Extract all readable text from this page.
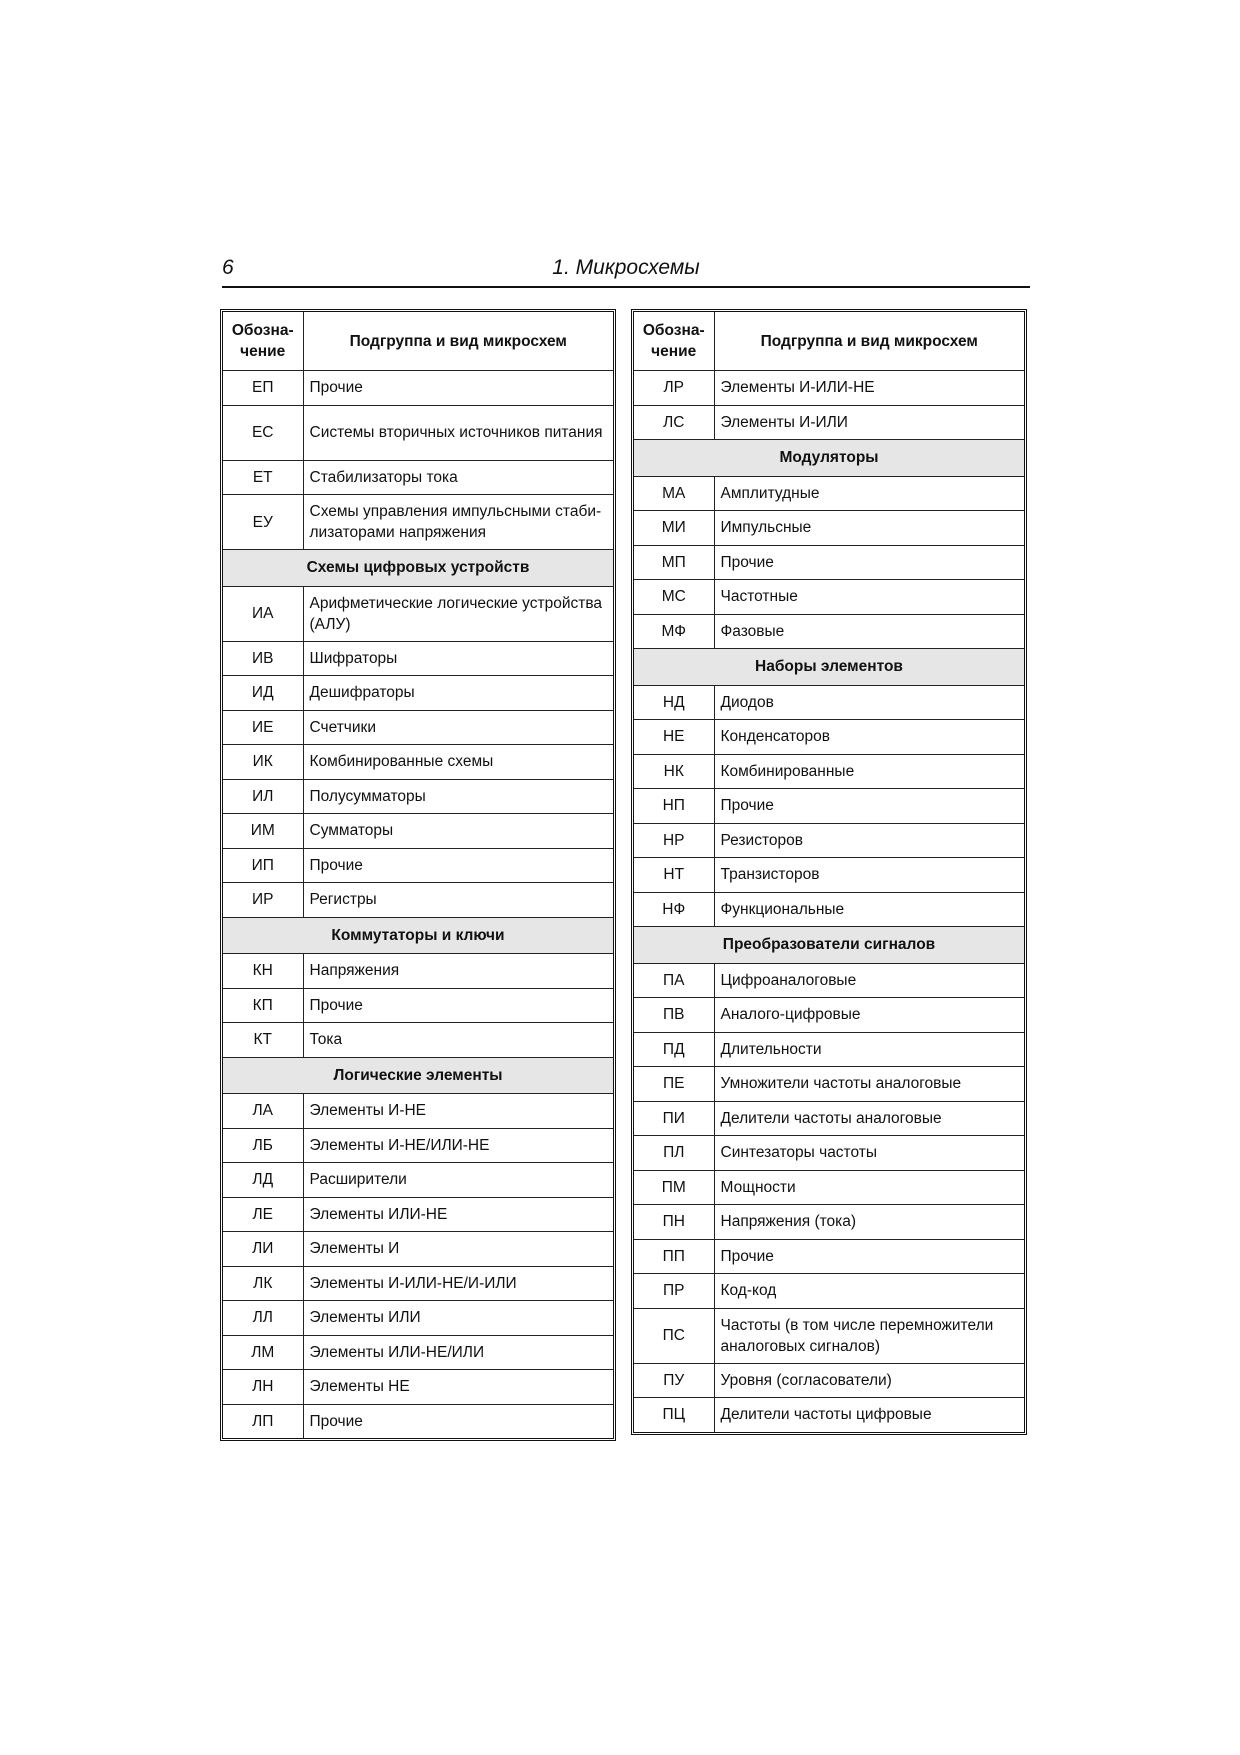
6	1. Микросхемы
Обозна-
чение	Подгруппа и вид микросхем
ЕП	Прочие
ЕС	Системы вторичных источников питания
ЕТ	Стабилизаторы тока
ЕУ	Схемы управления импульсными стаби-лизаторами напряжения
Схемы цифровых устройств	
ИА	Арифметические логические устройства (АЛУ)
ИВ	Шифраторы
ИД	Дешифраторы
ИЕ	Счетчики
ИК	Комбинированные схемы
ИЛ	Полусумматоры
ИМ	Сумматоры
ИП	Прочие
ИР	Регистры
Коммутаторы и ключи	
КН	Напряжения
КП	Прочие
КТ	Тока
Логические элементы	
ЛА	Элементы И-НЕ
ЛБ	Элементы И-НЕ/ИЛИ-НЕ
ЛД	Расширители
ЛЕ	Элементы ИЛИ-НЕ
ЛИ	Элементы И
ЛК	Элементы И-ИЛИ-НЕ/И-ИЛИ
ЛЛ	Элементы ИЛИ
ЛМ	Элементы ИЛИ-НЕ/ИЛИ
ЛН	Элементы НЕ
ЛП	Прочие
Обозна-
чение	Подгруппа и вид микросхем
ЛР	Элементы И-ИЛИ-НЕ
ЛС	Элементы И-ИЛИ
Модуляторы	
МА	Амплитудные
МИ	Импульсные
МП	Прочие
МС	Частотные
МФ	Фазовые
Наборы элементов	
НД	Диодов
НЕ	Конденсаторов
НК	Комбинированные
НП	Прочие
НР	Резисторов
НТ	Транзисторов
НФ	Функциональные
Преобразователи сигналов	
ПА	Цифроаналоговые
ПВ	Аналого-цифровые
ПД	Длительности
ПЕ	Умножители частоты аналоговые
ПИ	Делители частоты аналоговые
ПЛ	Синтезаторы частоты
ПМ	Мощности
ПН	Напряжения (тока)
ПП	Прочие
ПР	Код-код
ПС	Частоты (в том числе перемножители аналоговых сигналов)
ПУ	Уровня (согласователи)
ПЦ	Делители частоты цифровые
